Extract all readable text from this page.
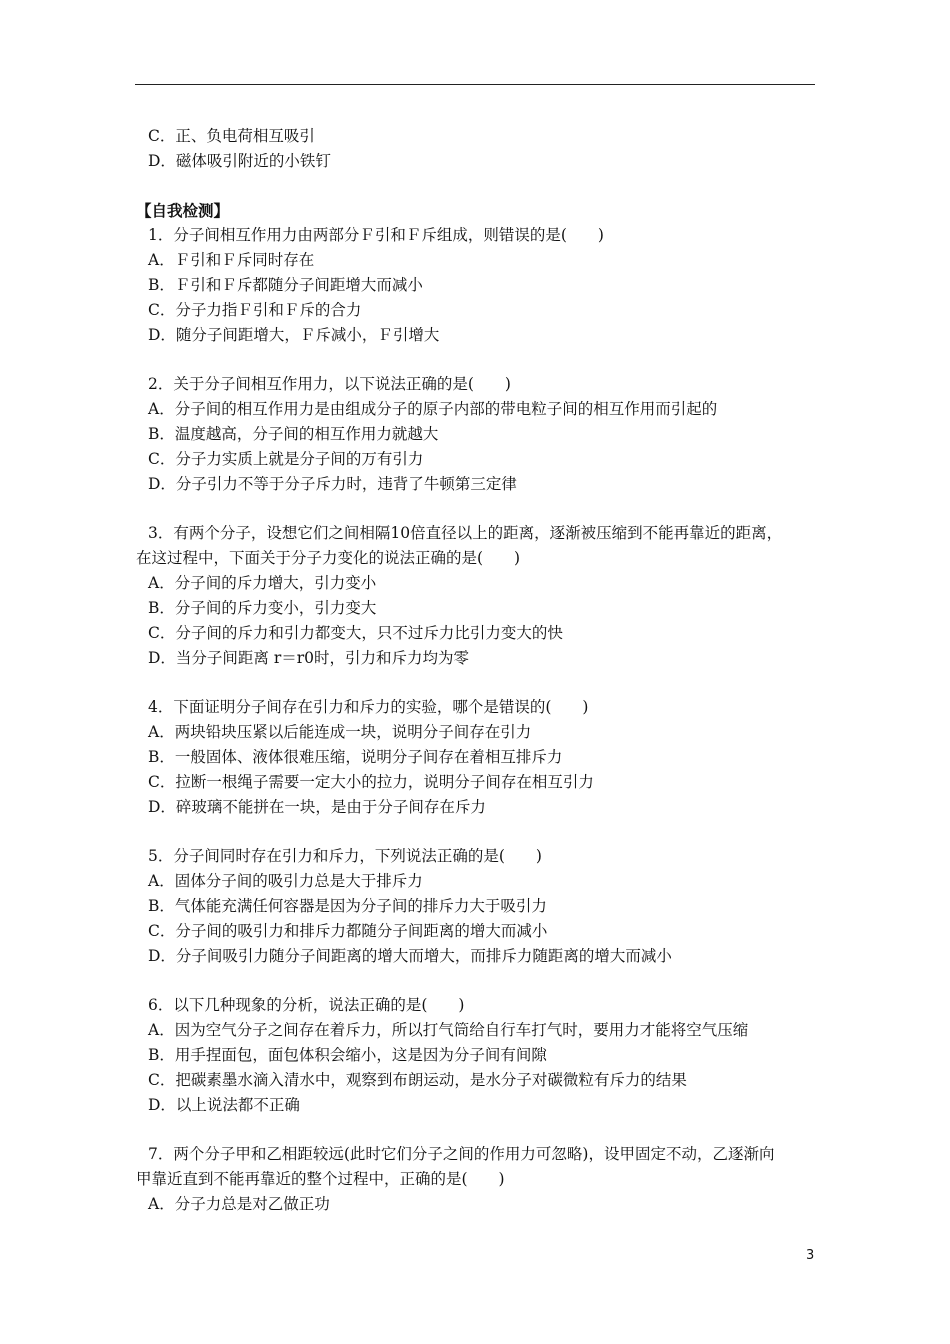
C．正、负电荷相互吸引
D．磁体吸引附近的小铁钉
【自我检测】
1．分子间相互作用力由两部分Ｆ引和Ｆ斥组成，则错误的是(　　)
A．Ｆ引和Ｆ斥同时存在
B．Ｆ引和Ｆ斥都随分子间距增大而减小
C．分子力指Ｆ引和Ｆ斥的合力
D．随分子间距增大，Ｆ斥减小，Ｆ引增大
2．关于分子间相互作用力，以下说法正确的是(　　)
A．分子间的相互作用力是由组成分子的原子内部的带电粒子间的相互作用而引起的
B．温度越高，分子间的相互作用力就越大
C．分子力实质上就是分子间的万有引力
D．分子引力不等于分子斥力时，违背了牛顿第三定律
3．有两个分子，设想它们之间相隔10倍直径以上的距离，逐渐被压缩到不能再靠近的距离，
在这过程中，下面关于分子力变化的说法正确的是(　　)
A．分子间的斥力增大，引力变小
B．分子间的斥力变小，引力变大
C．分子间的斥力和引力都变大，只不过斥力比引力变大的快
D．当分子间距离 r＝r0时，引力和斥力均为零
4．下面证明分子间存在引力和斥力的实验，哪个是错误的(　　)
A．两块铅块压紧以后能连成一块，说明分子间存在引力
B．一般固体、液体很难压缩，说明分子间存在着相互排斥力
C．拉断一根绳子需要一定大小的拉力，说明分子间存在相互引力
D．碎玻璃不能拼在一块，是由于分子间存在斥力
5．分子间同时存在引力和斥力，下列说法正确的是(　　)
A．固体分子间的吸引力总是大于排斥力
B．气体能充满任何容器是因为分子间的排斥力大于吸引力
C．分子间的吸引力和排斥力都随分子间距离的增大而减小
D．分子间吸引力随分子间距离的增大而增大，而排斥力随距离的增大而减小
6．以下几种现象的分析，说法正确的是(　　)
A．因为空气分子之间存在着斥力，所以打气筒给自行车打气时，要用力才能将空气压缩
B．用手捏面包，面包体积会缩小，这是因为分子间有间隙
C．把碳素墨水滴入清水中，观察到布朗运动，是水分子对碳微粒有斥力的结果
D．以上说法都不正确
7．两个分子甲和乙相距较远(此时它们分子之间的作用力可忽略)，设甲固定不动，乙逐渐向
甲靠近直到不能再靠近的整个过程中，正确的是(　　)
A．分子力总是对乙做正功
3
